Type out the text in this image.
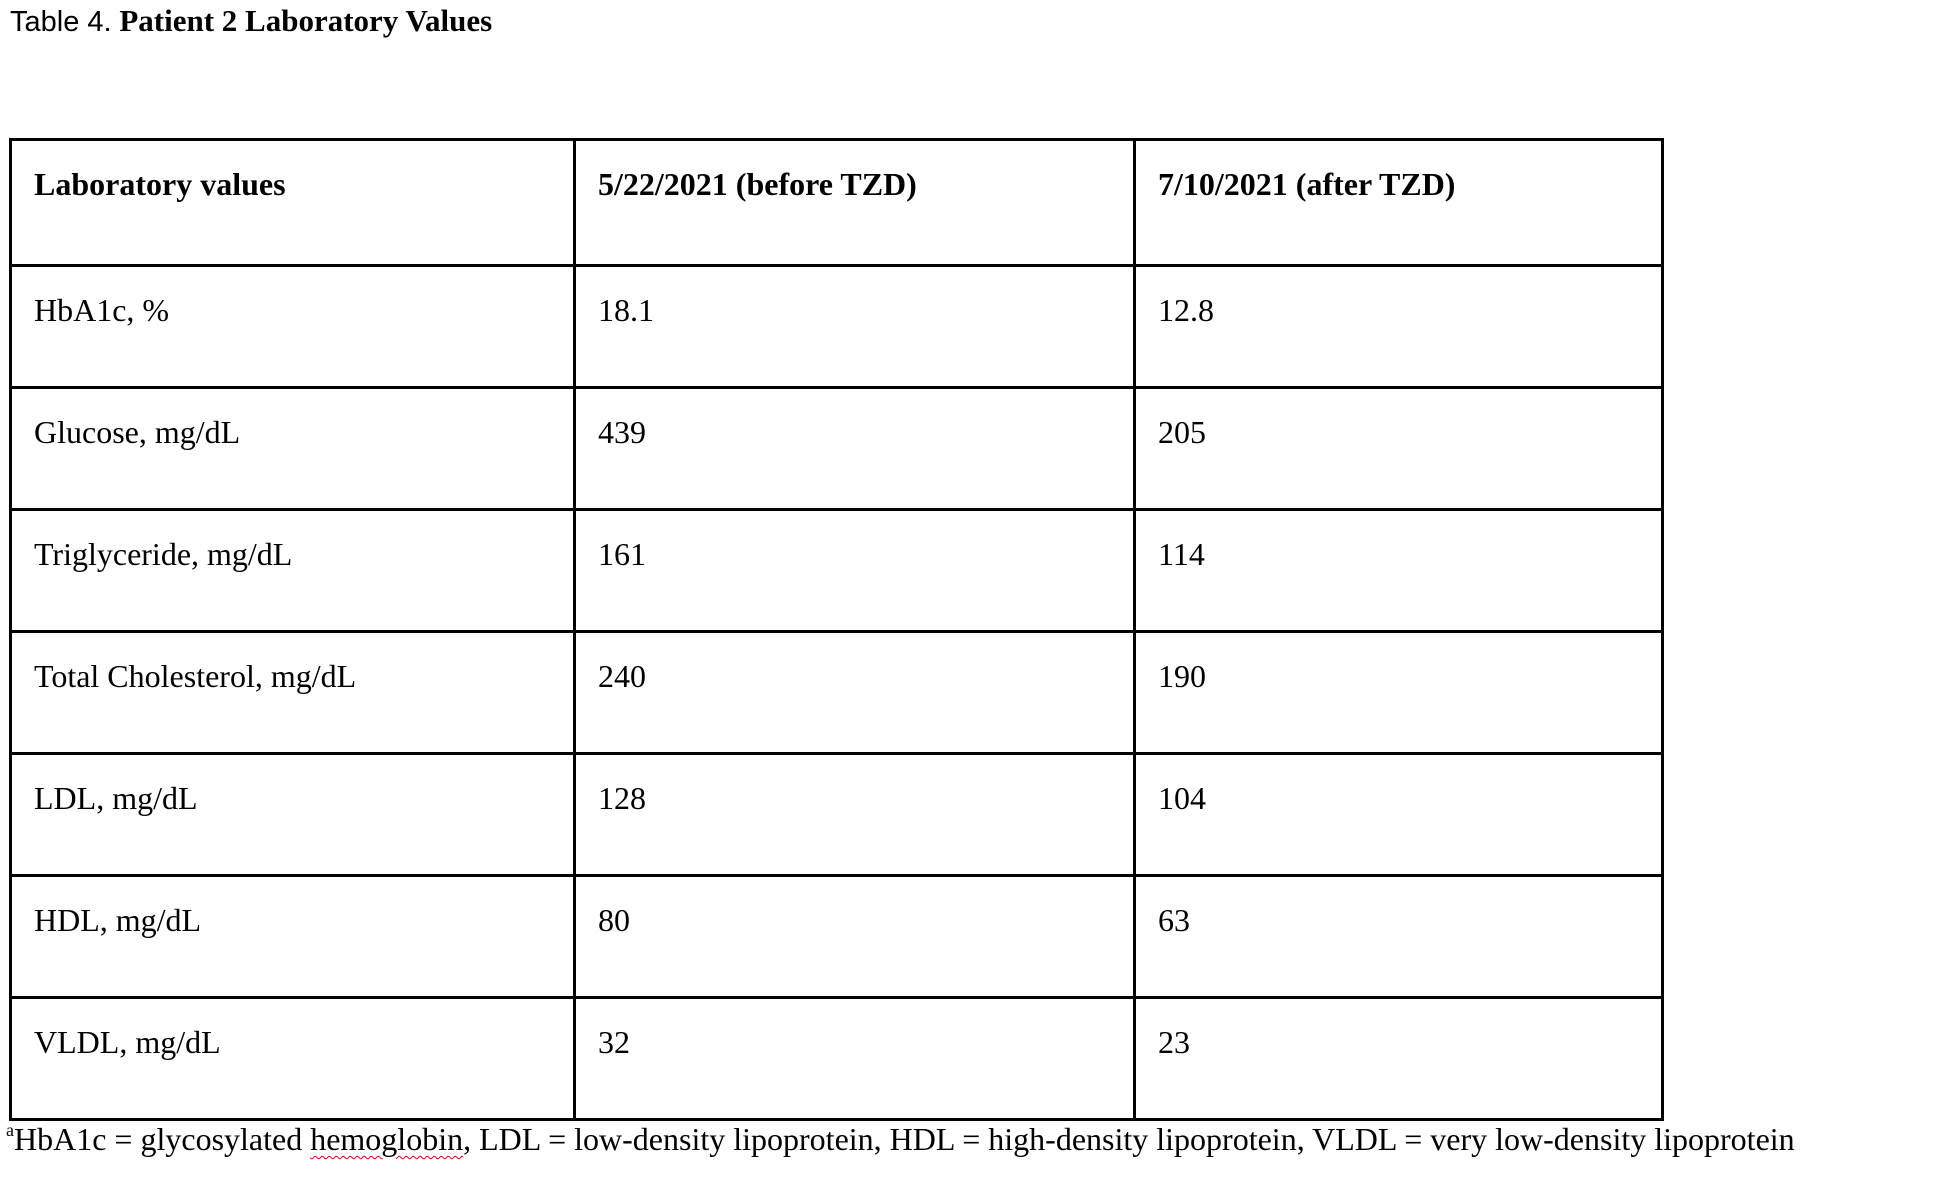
Table 4. Patient 2 Laboratory Values
Laboratory values	5/22/2021 (before TZD)	7/10/2021 (after TZD)
HbA1c, %	18.1	12.8
Glucose, mg/dL	439	205
Triglyceride, mg/dL	161	114
Total Cholesterol, mg/dL	240	190
LDL, mg/dL	128	104
HDL, mg/dL	80	63
VLDL, mg/dL	32	23
$^a$HbA1c = glycosylated hemoglobin, LDL = low-density lipoprotein, HDL = high-density lipoprotein, VLDL = very low-density lipoprotein
